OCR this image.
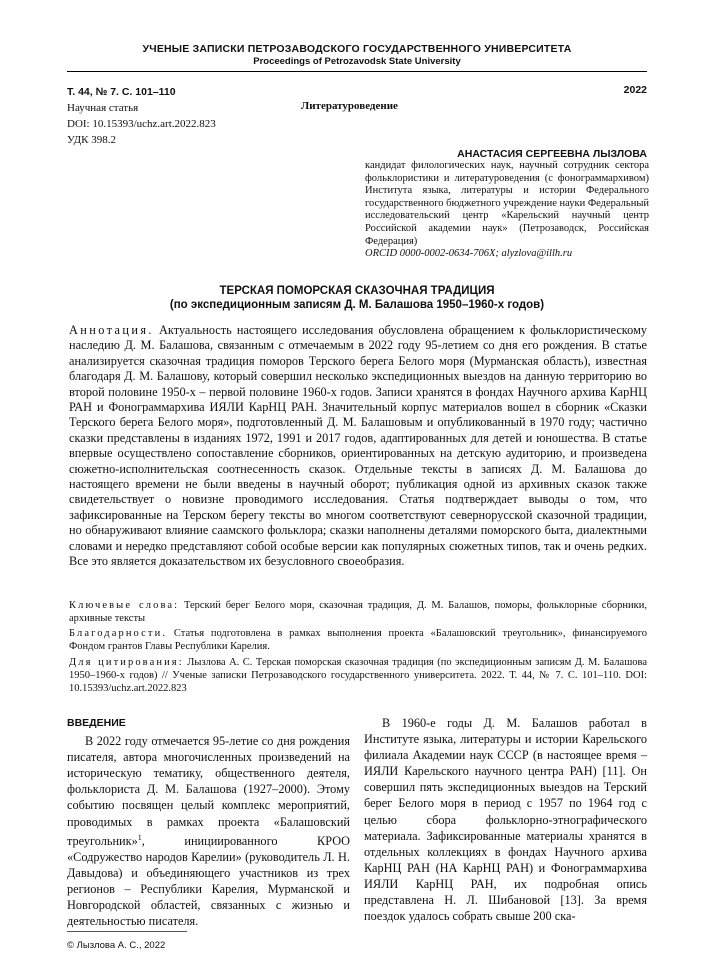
УЧЕНЫЕ ЗАПИСКИ ПЕТРОЗАВОДСКОГО ГОСУДАРСТВЕННОГО УНИВЕРСИТЕТА
Proceedings of Petrozavodsk State University
Т. 44, № 7. С. 101–110
Научная статья
DOI: 10.15393/uchz.art.2022.823
УДК 398.2
2022
Литературоведение
АНАСТАСИЯ СЕРГЕЕВНА ЛЫЗЛОВА
кандидат филологических наук, научный сотрудник сектора фольклористики и литературоведения (с фонограммархивом) Института языка, литературы и истории Федерального государственного бюджетного учреждение науки Федеральный исследовательский центр «Карельский научный центр Российской академии наук» (Петрозаводск, Российская Федерация)
ORCID 0000-0002-0634-706X; alyzlova@illh.ru
ТЕРСКАЯ ПОМОРСКАЯ СКАЗОЧНАЯ ТРАДИЦИЯ
(по экспедиционным записям Д. М. Балашова 1950–1960-х годов)
Аннотация. Актуальность настоящего исследования обусловлена обращением к фольклористическому наследию Д. М. Балашова, связанным с отмечаемым в 2022 году 95-летием со дня его рождения. В статье анализируется сказочная традиция поморов Терского берега Белого моря (Мурманская область), известная благодаря Д. М. Балашову, который совершил несколько экспедиционных выездов на данную территорию во второй половине 1950-х – первой половине 1960-х годов. Записи хранятся в фондах Научного архива КарНЦ РАН и Фонограммархива ИЯЛИ КарНЦ РАН. Значительный корпус материалов вошел в сборник «Сказки Терского берега Белого моря», подготовленный Д. М. Балашовым и опубликованный в 1970 году; частично сказки представлены в изданиях 1972, 1991 и 2017 годов, адаптированных для детей и юношества. В статье впервые осуществлено сопоставление сборников, ориентированных на детскую аудиторию, и произведена сюжетно-исполнительская соотнесенность сказок. Отдельные тексты в записях Д. М. Балашова до настоящего времени не были введены в научный оборот; публикация одной из архивных сказок также свидетельствует о новизне проводимого исследования. Статья подтверждает выводы о том, что зафиксированные на Терском берегу тексты во многом соответствуют севернорусской сказочной традиции, но обнаруживают влияние саамского фольклора; сказки наполнены деталями поморского быта, диалектными словами и нередко представляют собой особые версии как популярных сюжетных типов, так и очень редких. Все это является доказательством их безусловного своеобразия.
Ключевые слова: Терский берег Белого моря, сказочная традиция, Д. М. Балашов, поморы, фольклорные сборники, архивные тексты
Благодарности. Статья подготовлена в рамках выполнения проекта «Балашовский треугольник», финансируемого Фондом грантов Главы Республики Карелия.
Для цитирования: Лызлова А. С. Терская поморская сказочная традиция (по экспедиционным записям Д. М. Балашова 1950–1960-х годов) // Ученые записки Петрозаводского государственного университета. 2022. Т. 44, № 7. С. 101–110. DOI: 10.15393/uchz.art.2022.823
ВВЕДЕНИЕ

В 2022 году отмечается 95-летие со дня рождения писателя, автора многочисленных произведений на историческую тематику, общественного деятеля, фольклориста Д. М. Балашова (1927–2000). Этому событию посвящен целый комплекс мероприятий, проводимых в рамках проекта «Балашовский треугольник»$^1$, инициированного КРОО «Содружество народов Карелии» (руководитель Л. Н. Давыдова) и объединяющего участников из трех регионов – Республики Карелия, Мурманской и Новгородской областей, связанных с жизнью и деятельностью писателя.

В 1960-е годы Д. М. Балашов работал в Институте языка, литературы и истории Карельского филиала Академии наук СССР (в настоящее время – ИЯЛИ Карельского научного центра РАН) [11]. Он совершил пять экспедиционных выездов на Терский берег Белого моря в период с 1957 по 1964 год с целью сбора фольклорно-этнографического материала. Зафиксированные материалы хранятся в отдельных коллекциях в фондах Научного архива КарНЦ РАН (НА КарНЦ РАН) и Фонограммархива ИЯЛИ КарНЦ РАН, их подробная опись представлена Н. Л. Шибановой [13]. За время поездок удалось собрать свыше 200 ска-

© Лызлова А. С., 2022
